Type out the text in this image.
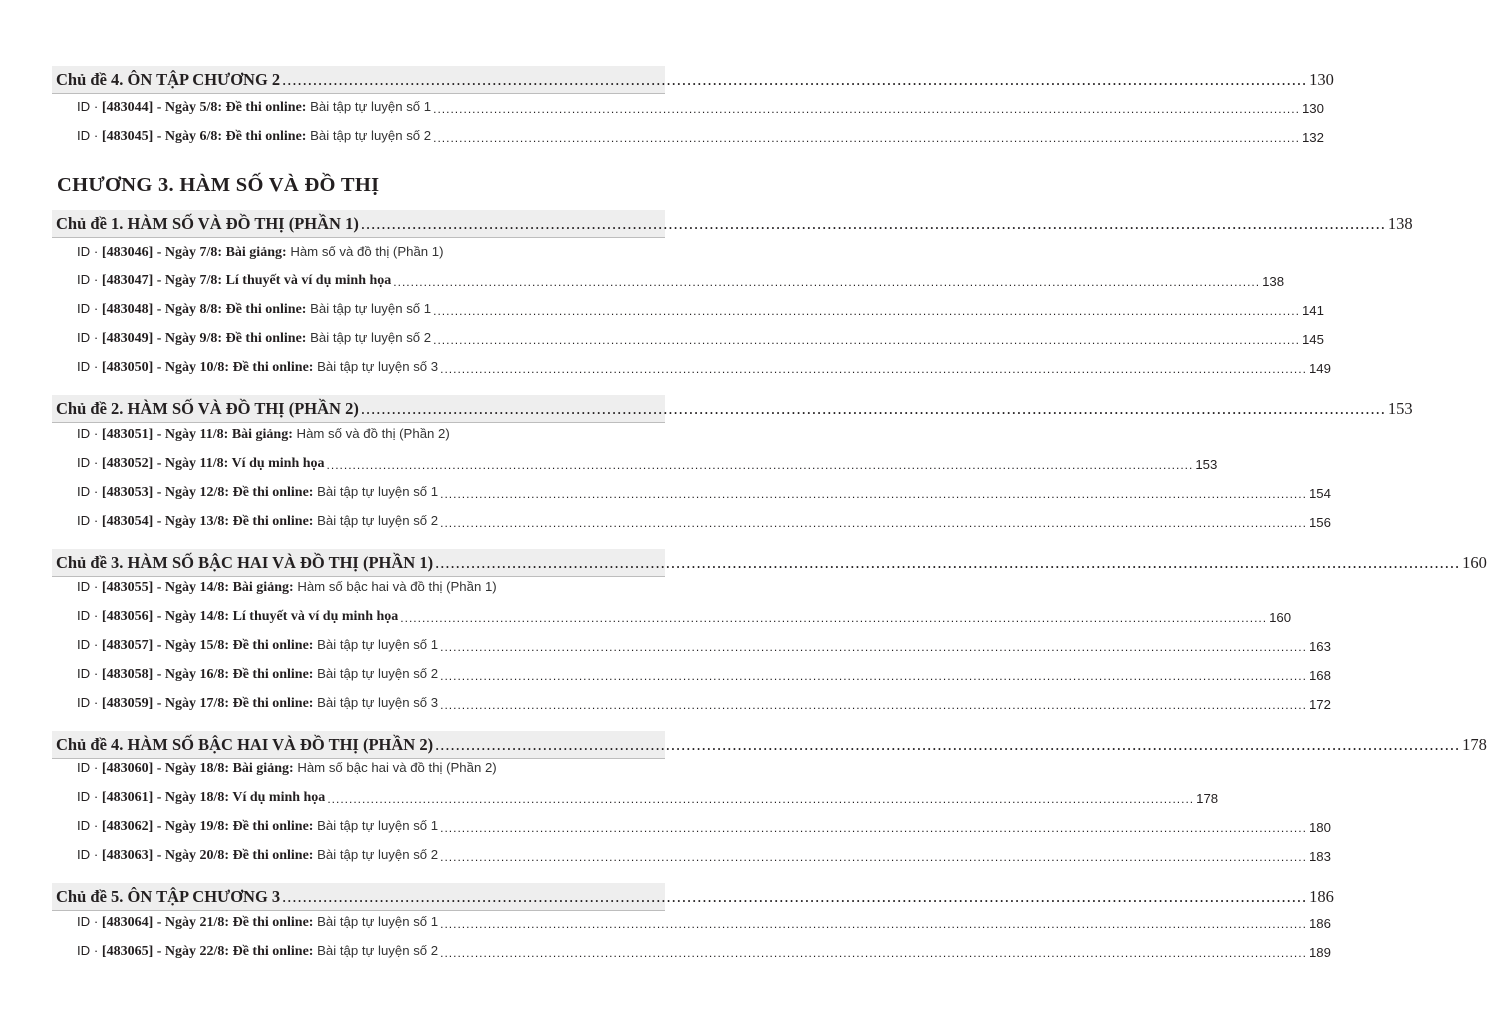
Chủ đề 4. ÔN TẬP CHƯƠNG 2 ........................................................................................................................................................................................................ 130
ID · [483044] - Ngày 5/8: Đề thi online: Bài tập tự luyện số 1 ........................................................................................................................................................................................................ 130
ID · [483045] - Ngày 6/8: Đề thi online: Bài tập tự luyện số 2 ........................................................................................................................................................................................................ 132
CHƯƠNG 3. HÀM SỐ VÀ ĐỒ THỊ
Chủ đề 1. HÀM SỐ VÀ ĐỒ THỊ (PHẦN 1) ........................................................................................................................................................................................................ 138
ID · [483046] - Ngày 7/8: Bài giảng: Hàm số và đồ thị (Phần 1)
ID · [483047] - Ngày 7/8: Lí thuyết và ví dụ minh họa ........................................................................................................................................................................................................ 138
ID · [483048] - Ngày 8/8: Đề thi online: Bài tập tự luyện số 1 ........................................................................................................................................................................................................ 141
ID · [483049] - Ngày 9/8: Đề thi online: Bài tập tự luyện số 2 ........................................................................................................................................................................................................ 145
ID · [483050] - Ngày 10/8: Đề thi online: Bài tập tự luyện số 3 ........................................................................................................................................................................................................ 149
Chủ đề 2. HÀM SỐ VÀ ĐỒ THỊ (PHẦN 2) ........................................................................................................................................................................................................ 153
ID · [483051] - Ngày 11/8: Bài giảng: Hàm số và đồ thị (Phần 2)
ID · [483052] - Ngày 11/8: Ví dụ minh họa ........................................................................................................................................................................................................ 153
ID · [483053] - Ngày 12/8: Đề thi online: Bài tập tự luyện số 1 ........................................................................................................................................................................................................ 154
ID · [483054] - Ngày 13/8: Đề thi online: Bài tập tự luyện số 2 ........................................................................................................................................................................................................ 156
Chủ đề 3. HÀM SỐ BẬC HAI VÀ ĐỒ THỊ (PHẦN 1) ........................................................................................................................................................................................................ 160
ID · [483055] - Ngày 14/8: Bài giảng: Hàm số bậc hai và đồ thị (Phần 1)
ID · [483056] - Ngày 14/8: Lí thuyết và ví dụ minh họa ........................................................................................................................................................................................................ 160
ID · [483057] - Ngày 15/8: Đề thi online: Bài tập tự luyện số 1 ........................................................................................................................................................................................................ 163
ID · [483058] - Ngày 16/8: Đề thi online: Bài tập tự luyện số 2 ........................................................................................................................................................................................................ 168
ID · [483059] - Ngày 17/8: Đề thi online: Bài tập tự luyện số 3 ........................................................................................................................................................................................................ 172
Chủ đề 4. HÀM SỐ BẬC HAI VÀ ĐỒ THỊ (PHẦN 2) ........................................................................................................................................................................................................ 178
ID · [483060] - Ngày 18/8: Bài giảng: Hàm số bậc hai và đồ thị (Phần 2)
ID · [483061] - Ngày 18/8: Ví dụ minh họa ........................................................................................................................................................................................................ 178
ID · [483062] - Ngày 19/8: Đề thi online: Bài tập tự luyện số 1 ........................................................................................................................................................................................................ 180
ID · [483063] - Ngày 20/8: Đề thi online: Bài tập tự luyện số 2 ........................................................................................................................................................................................................ 183
Chủ đề 5. ÔN TẬP CHƯƠNG 3 ........................................................................................................................................................................................................ 186
ID · [483064] - Ngày 21/8: Đề thi online: Bài tập tự luyện số 1 ........................................................................................................................................................................................................ 186
ID · [483065] - Ngày 22/8: Đề thi online: Bài tập tự luyện số 2 ........................................................................................................................................................................................................ 189
